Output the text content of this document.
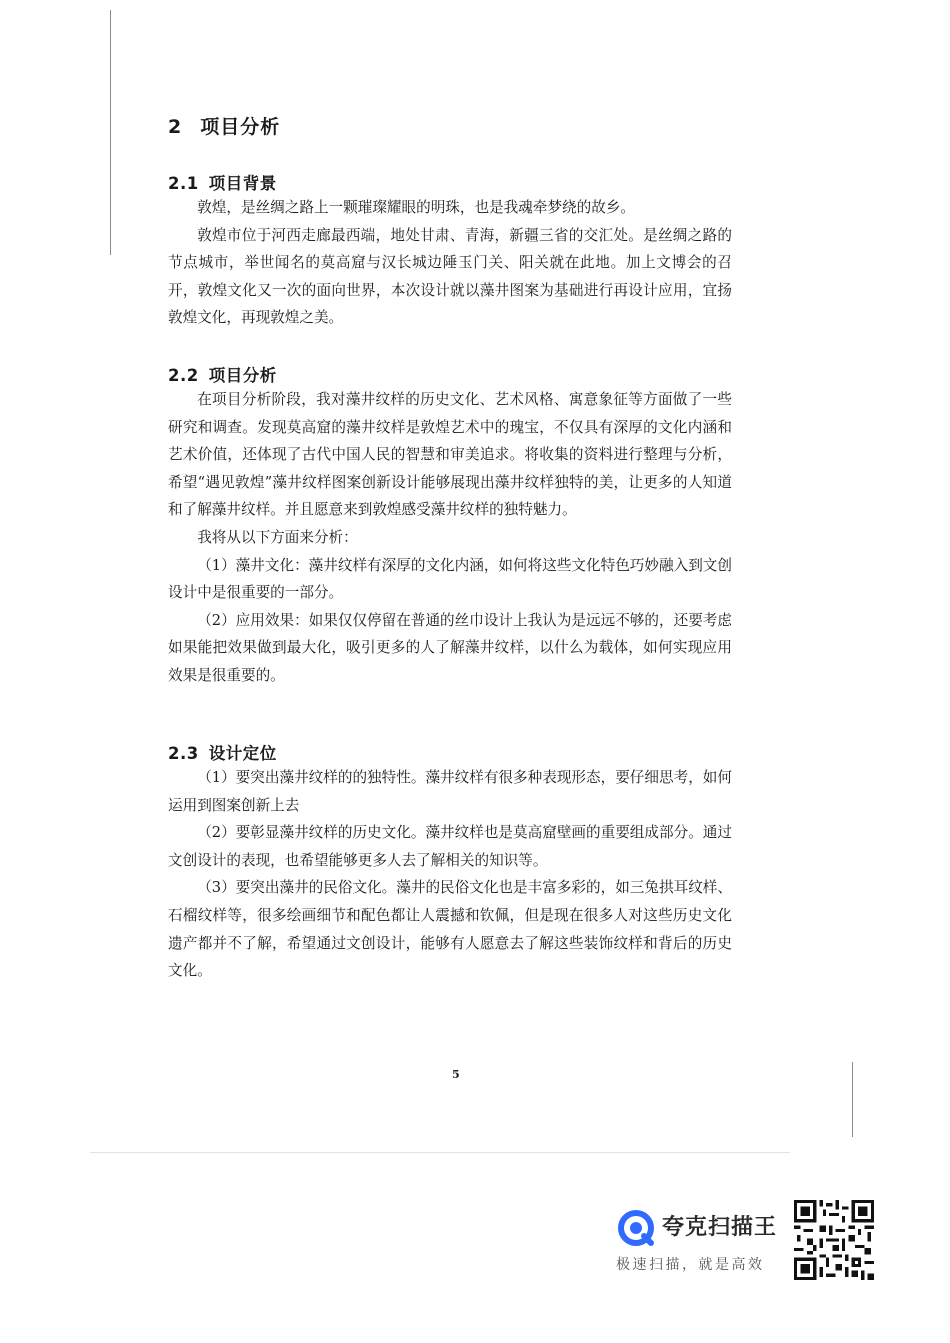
2 项目分析
2.1 项目背景

敦煌，是丝绸之路上一颗璀璨耀眼的明珠，也是我魂牵梦绕的故乡。

敦煌市位于河西走廊最西端，地处甘肃、青海，新疆三省的交汇处。是丝绸之路的节点城市，举世闻名的莫高窟与汉长城边陲玉门关、阳关就在此地。加上文博会的召开，敦煌文化又一次的面向世界，本次设计就以藻井图案为基础进行再设计应用，宜扬敦煌文化，再现敦煌之美。

2.2 项目分析

在项目分析阶段，我对藻井纹样的历史文化、艺术风格、寓意象征等方面做了一些研究和调查。发现莫高窟的藻井纹样是敦煌艺术中的瑰宝，不仅具有深厚的文化内涵和艺术价值，还体现了古代中国人民的智慧和审美追求。将收集的资料进行整理与分析，希望“遇见敦煌”藻井纹样图案创新设计能够展现出藻井纹样独特的美，让更多的人知道和了解藻井纹样。并且愿意来到敦煌感受藻井纹样的独特魅力。

我将从以下方面来分析：

（1）藻井文化：藻井纹样有深厚的文化内涵，如何将这些文化特色巧妙融入到文创设计中是很重要的一部分。

（2）应用效果：如果仅仅停留在普通的丝巾设计上我认为是远远不够的，还要考虑如果能把效果做到最大化，吸引更多的人了解藻井纹样，以什么为载体，如何实现应用效果是很重要的。

2.3 设计定位

（1）要突出藻井纹样的的独特性。藻井纹样有很多种表现形态，要仔细思考，如何运用到图案创新上去

（2）要彰显藻井纹样的历史文化。藻井纹样也是莫高窟壁画的重要组成部分。通过文创设计的表现，也希望能够更多人去了解相关的知识等。

（3）要突出藻井的民俗文化。藻井的民俗文化也是丰富多彩的，如三兔拱耳纹样、石榴纹样等，很多绘画细节和配色都让人震撼和钦佩，但是现在很多人对这些历史文化遗产都并不了解，希望通过文创设计，能够有人愿意去了解这些装饰纹样和背后的历史文化。

5
夸克扫描王
极速扫描，就是高效
